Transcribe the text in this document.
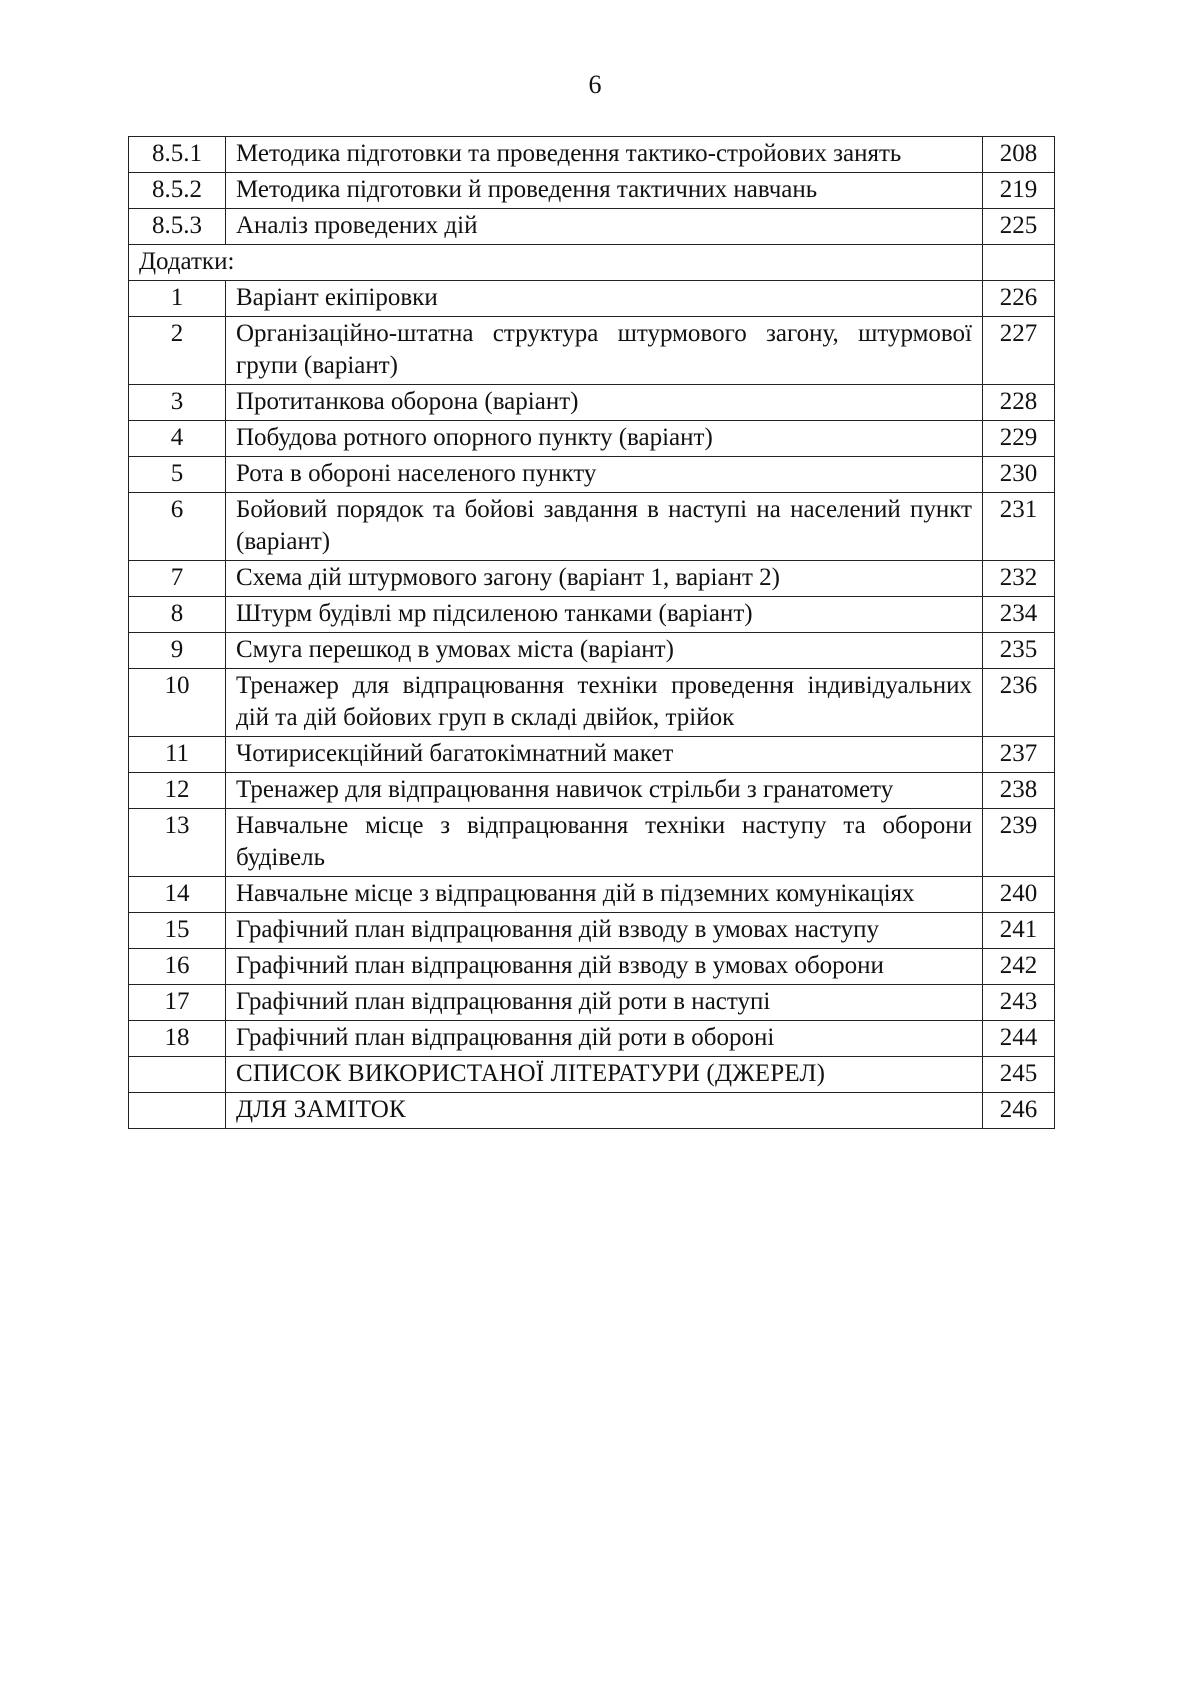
6
8.5.1	Методика підготовки та проведення тактико-стройових занять	208
8.5.2	Методика підготовки й проведення тактичних навчань	219
8.5.3	Аналіз проведених дій	225
Додатки:		
1	Варіант екіпіровки	226
2	Організаційно-штатна структура штурмового загону, штурмової групи (варіант)	227
3	Протитанкова оборона (варіант)	228
4	Побудова ротного опорного пункту (варіант)	229
5	Рота в обороні населеного пункту	230
6	Бойовий порядок та бойові завдання в наступі на населений пункт (варіант)	231
7	Схема дій штурмового загону (варіант 1, варіант 2)	232
8	Штурм будівлі мр підсиленою танками (варіант)	234
9	Смуга перешкод в умовах міста (варіант)	235
10	Тренажер для відпрацювання техніки проведення індивідуальних дій та дій бойових груп в складі двійок, трійок	236
11	Чотирисекційний багатокімнатний макет	237
12	Тренажер для відпрацювання навичок стрільби з гранатомету	238
13	Навчальне місце з відпрацювання техніки наступу та оборони будівель	239
14	Навчальне місце з відпрацювання дій в підземних комунікаціях	240
15	Графічний план відпрацювання дій взводу в умовах наступу	241
16	Графічний план відпрацювання дій взводу в умовах оборони	242
17	Графічний план відпрацювання дій роти в наступі	243
18	Графічний план відпрацювання дій роти в обороні	244
	СПИСОК ВИКОРИСТАНОЇ ЛІТЕРАТУРИ (ДЖЕРЕЛ)	245
	ДЛЯ ЗАМІТОК	246
